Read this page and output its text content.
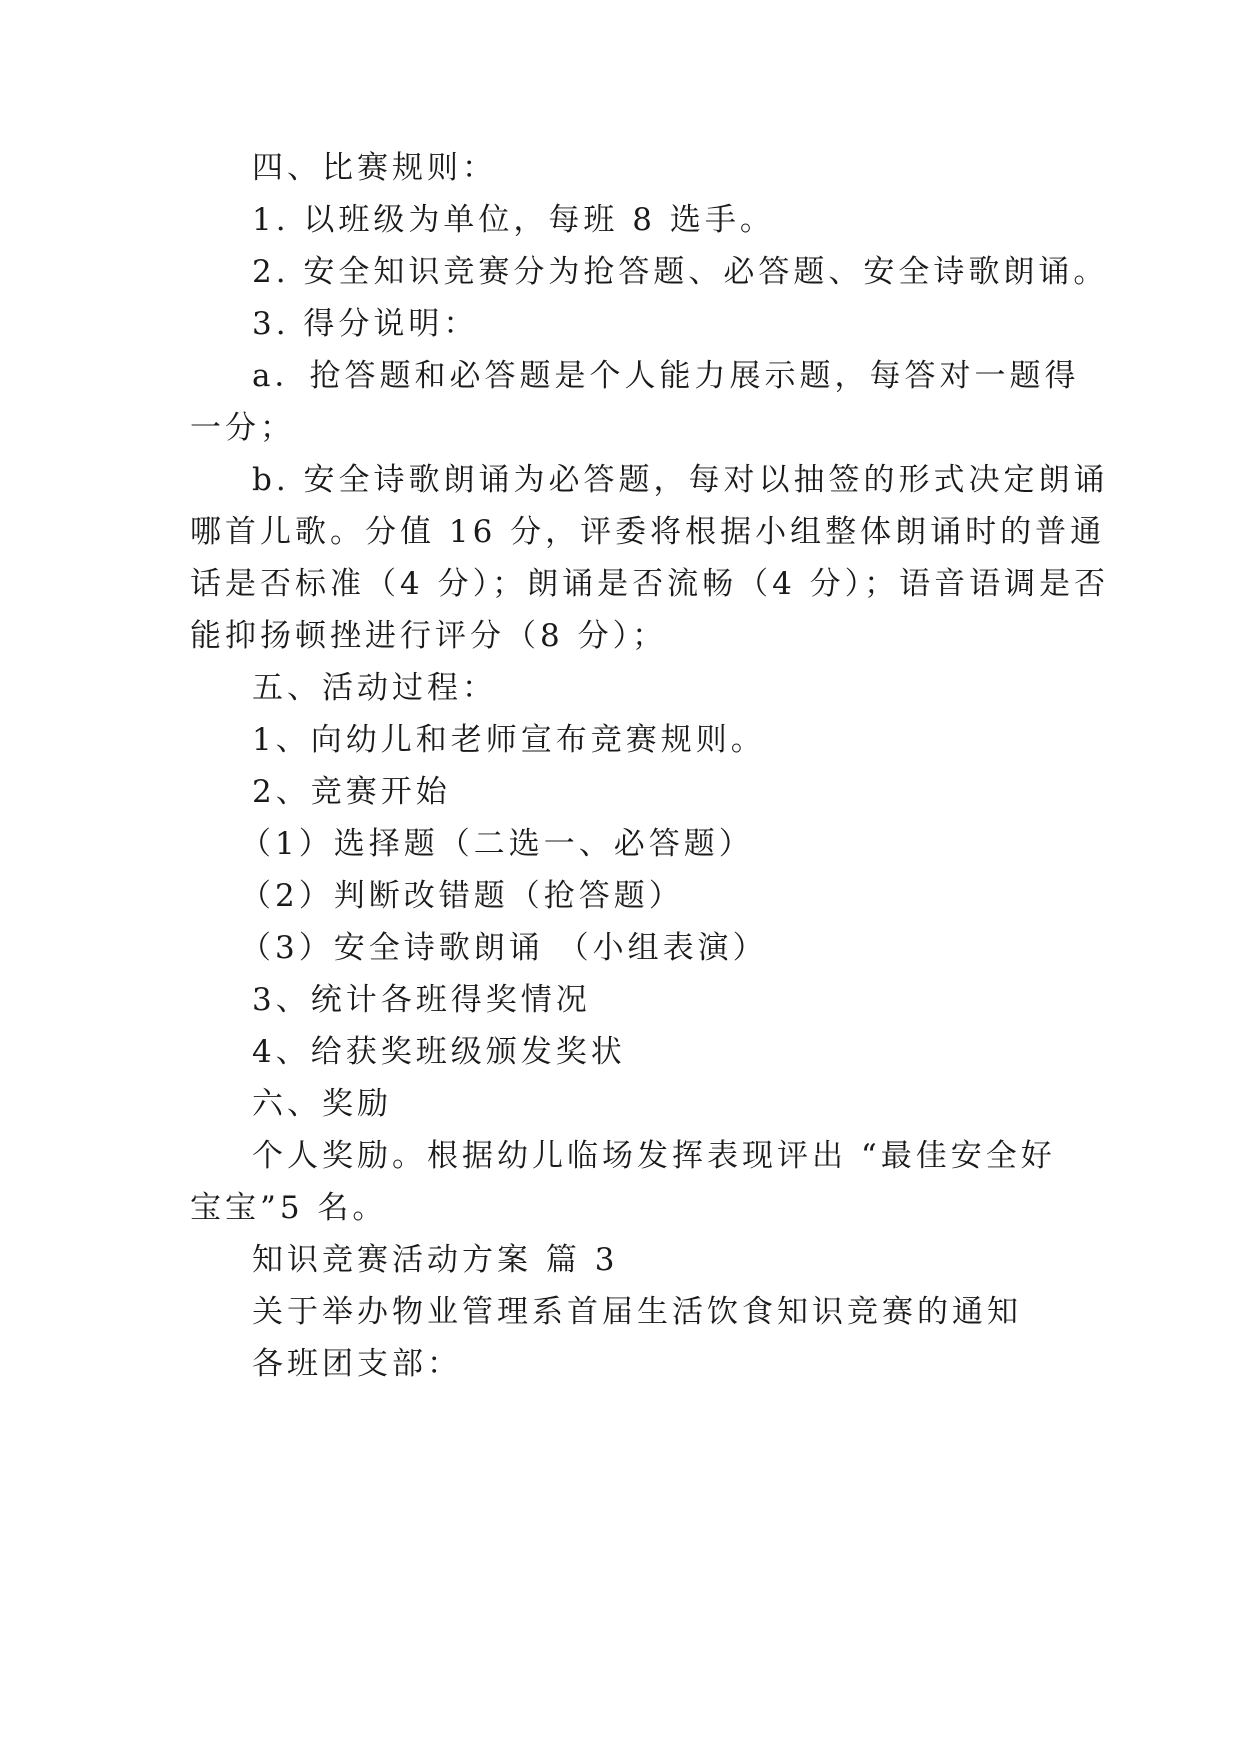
四、比赛规则：
1. 以班级为单位，每班 8 选手。
2. 安全知识竞赛分为抢答题、必答题、安全诗歌朗诵。
3. 得分说明：
a．抢答题和必答题是个人能力展示题，每答对一题得
一分；
b. 安全诗歌朗诵为必答题，每对以抽签的形式决定朗诵
哪首儿歌。分值 16 分，评委将根据小组整体朗诵时的普通
话是否标准（4 分）；朗诵是否流畅（4 分）；语音语调是否
能抑扬顿挫进行评分（8 分）；
五、活动过程：
1、向幼儿和老师宣布竞赛规则。
2、竞赛开始
（1）选择题（二选一、必答题）
（2）判断改错题（抢答题）
（3）安全诗歌朗诵 （小组表演）
3、统计各班得奖情况
4、给获奖班级颁发奖状
六、奖励
个人奖励。根据幼儿临场发挥表现评出 “最佳安全好
宝宝”5 名。
知识竞赛活动方案 篇 3
关于举办物业管理系首届生活饮食知识竞赛的通知
各班团支部：
